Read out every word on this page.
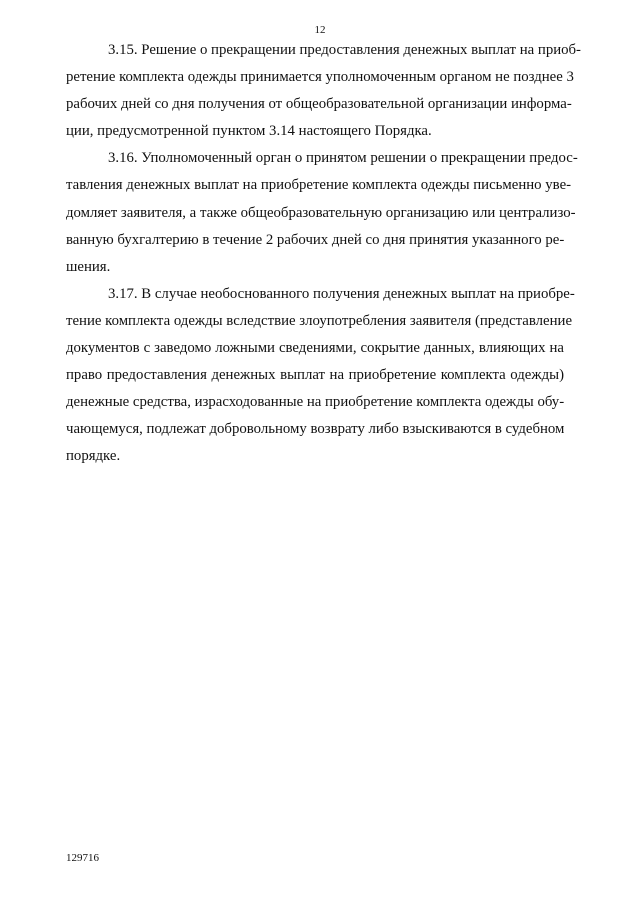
12
3.15. Решение о прекращении предоставления денежных выплат на приоб-
ретение комплекта одежды принимается уполномоченным органом не позднее 3
рабочих дней со дня получения от общеобразовательной организации информа-
ции, предусмотренной пунктом 3.14 настоящего Порядка.
3.16. Уполномоченный орган о принятом решении о прекращении предос-
тавления денежных выплат на приобретение комплекта одежды письменно уве-
домляет заявителя, а также общеобразовательную организацию или централизо-
ванную бухгалтерию в течение 2 рабочих дней со дня принятия указанного ре-
шения.
3.17. В случае необоснованного получения денежных выплат на приобре-
тение комплекта одежды вследствие злоупотребления заявителя (представление
документов с заведомо ложными сведениями, сокрытие данных, влияющих на
право предоставления денежных выплат на приобретение комплекта одежды)
денежные средства, израсходованные на приобретение комплекта одежды обу-
чающемуся, подлежат добровольному возврату либо взыскиваются в судебном
порядке.
129716
